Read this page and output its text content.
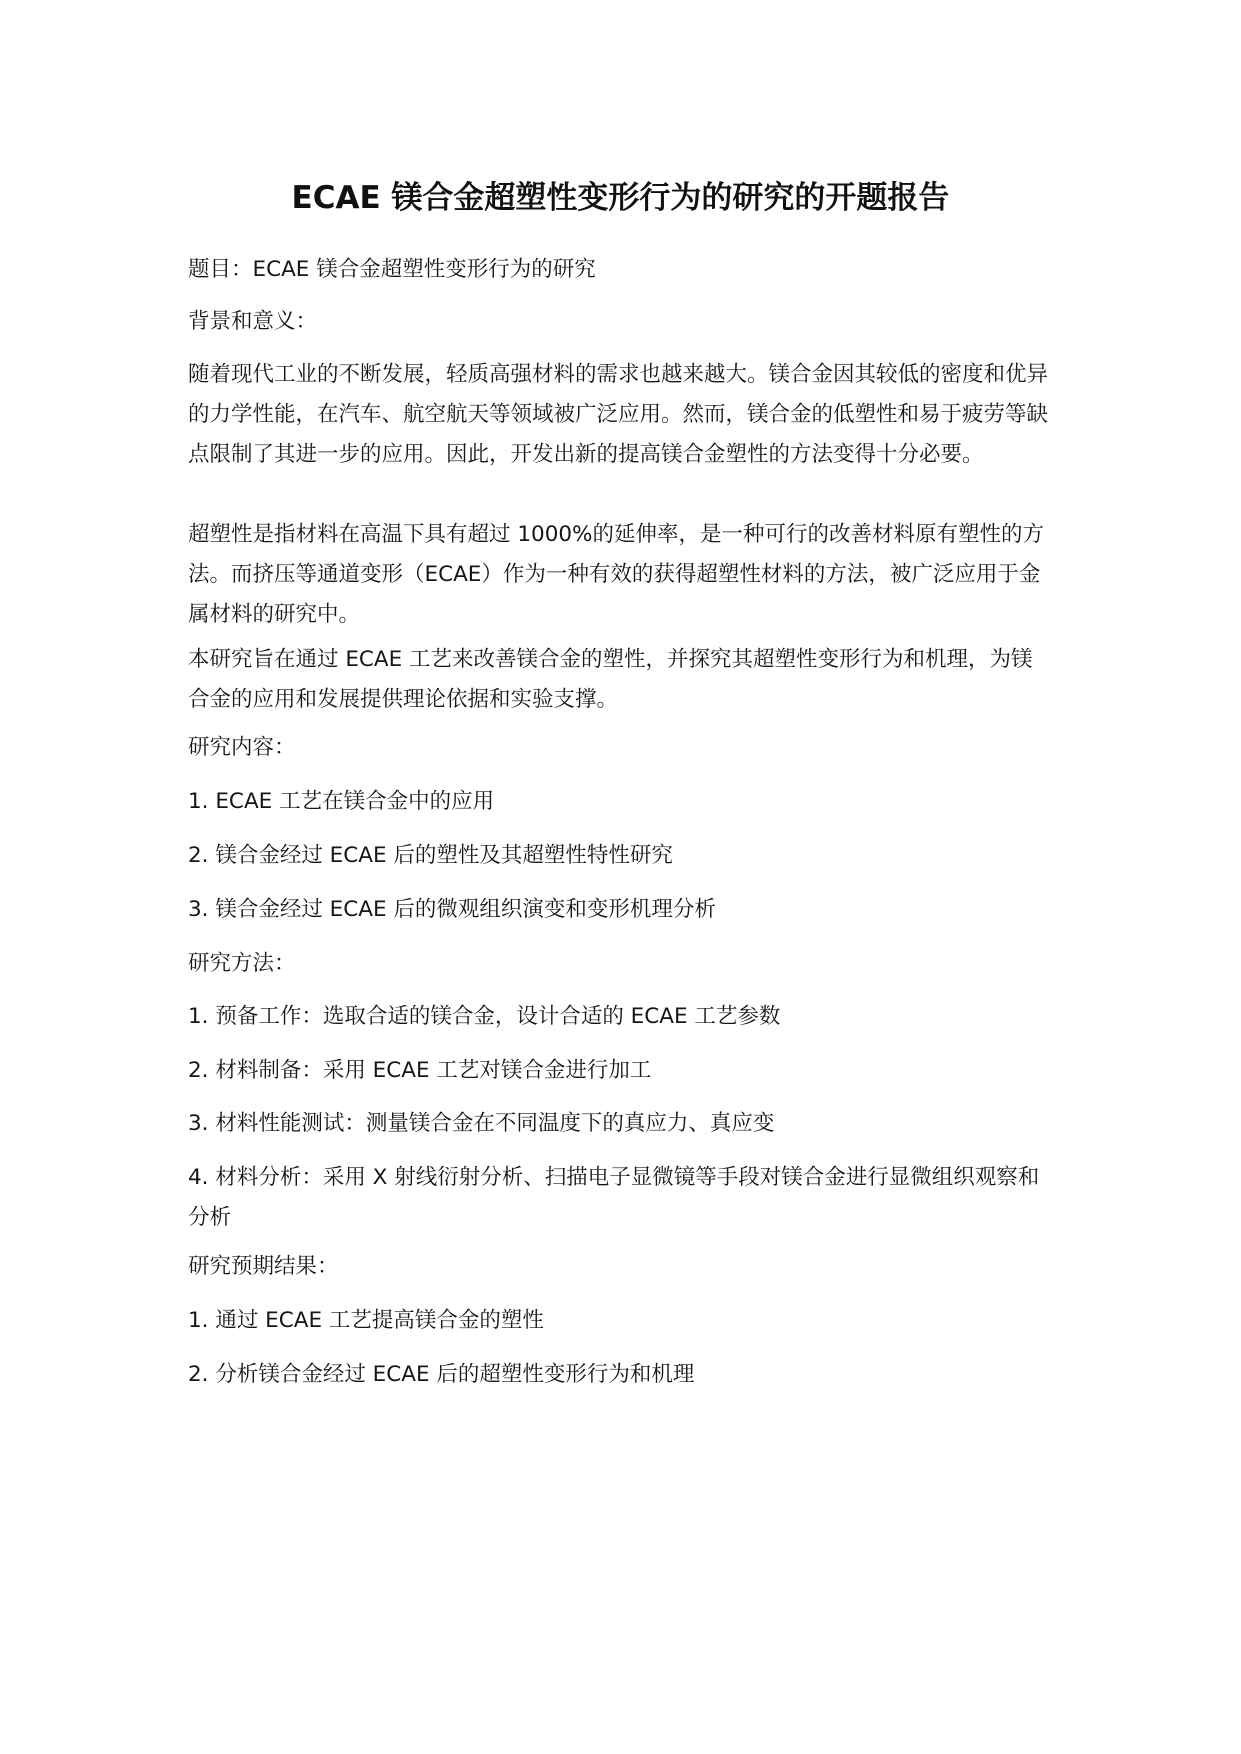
ECAE 镁合金超塑性变形行为的研究的开题报告

题目：ECAE 镁合金超塑性变形行为的研究

背景和意义：

随着现代工业的不断发展，轻质高强材料的需求也越来越大。镁合金因其较低的密度和优异的力学性能，在汽车、航空航天等领域被广泛应用。然而，镁合金的低塑性和易于疲劳等缺点限制了其进一步的应用。因此，开发出新的提高镁合金塑性的方法变得十分必要。

超塑性是指材料在高温下具有超过 1000%的延伸率，是一种可行的改善材料原有塑性的方法。而挤压等通道变形（ECAE）作为一种有效的获得超塑性材料的方法，被广泛应用于金属材料的研究中。

本研究旨在通过 ECAE 工艺来改善镁合金的塑性，并探究其超塑性变形行为和机理，为镁合金的应用和发展提供理论依据和实验支撑。

研究内容：

1. ECAE 工艺在镁合金中的应用

2. 镁合金经过 ECAE 后的塑性及其超塑性特性研究

3. 镁合金经过 ECAE 后的微观组织演变和变形机理分析

研究方法：

1. 预备工作：选取合适的镁合金，设计合适的 ECAE 工艺参数

2. 材料制备：采用 ECAE 工艺对镁合金进行加工

3. 材料性能测试：测量镁合金在不同温度下的真应力、真应变

4. 材料分析：采用 X 射线衍射分析、扫描电子显微镜等手段对镁合金进行显微组织观察和分析

研究预期结果：

1. 通过 ECAE 工艺提高镁合金的塑性

2. 分析镁合金经过 ECAE 后的超塑性变形行为和机理
